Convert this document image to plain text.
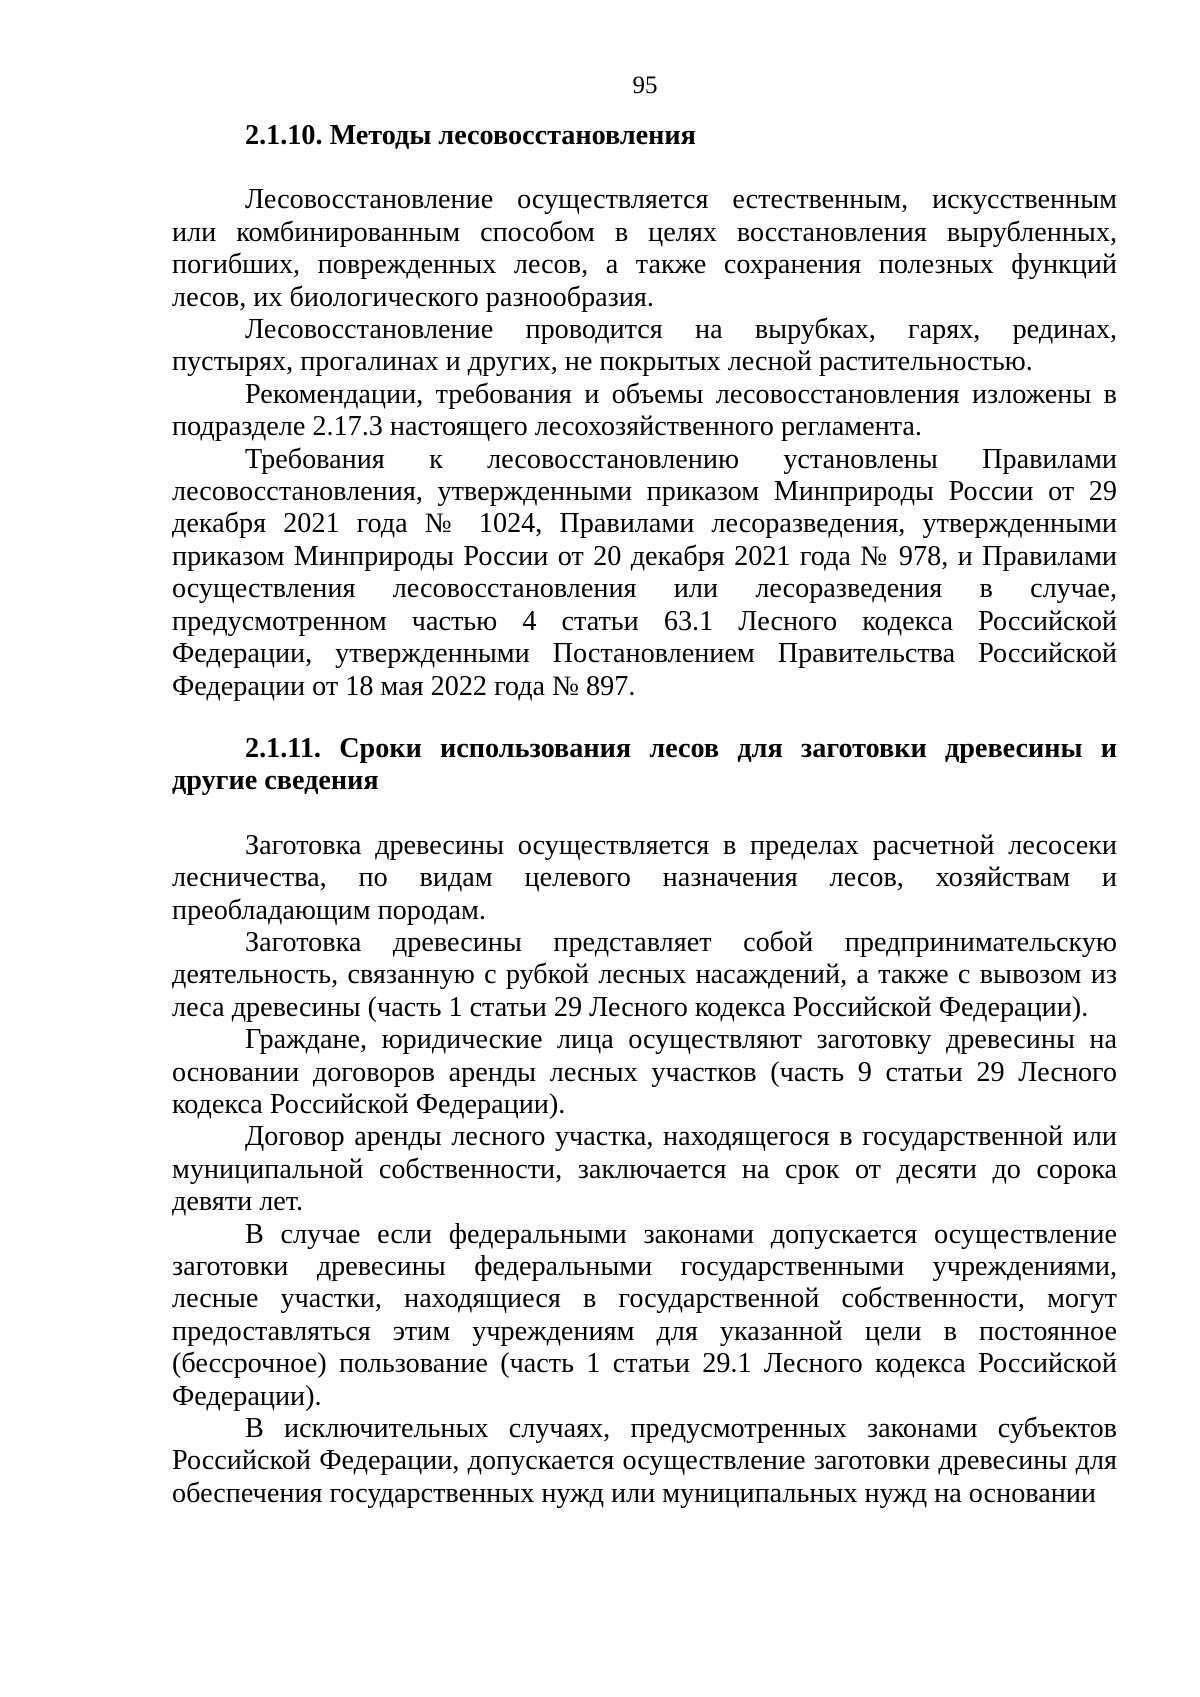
95

2.1.10. Методы лесовосстановления

Лесовосстановление осуществляется естественным, искусственным или комбинированным способом в целях восстановления вырубленных, погибших, поврежденных лесов, а также сохранения полезных функций лесов, их биологического разнообразия.

Лесовосстановление проводится на вырубках, гарях, рединах, пустырях, прогалинах и других, не покрытых лесной растительностью.

Рекомендации, требования и объемы лесовосстановления изложены в подразделе 2.17.3 настоящего лесохозяйственного регламента.

Требования к лесовосстановлению установлены Правилами лесовосстановления, утвержденными приказом Минприроды России от 29 декабря 2021 года № 1024, Правилами лесоразведения, утвержденными приказом Минприроды России от 20 декабря 2021 года № 978, и Правилами осуществления лесовосстановления или лесоразведения в случае, предусмотренном частью 4 статьи 63.1 Лесного кодекса Российской Федерации, утвержденными Постановлением Правительства Российской Федерации от 18 мая 2022 года № 897.

2.1.11. Сроки использования лесов для заготовки древесины и другие сведения

Заготовка древесины осуществляется в пределах расчетной лесосеки лесничества, по видам целевого назначения лесов, хозяйствам и преобладающим породам.

Заготовка древесины представляет собой предпринимательскую деятельность, связанную с рубкой лесных насаждений, а также с вывозом из леса древесины (часть 1 статьи 29 Лесного кодекса Российской Федерации).

Граждане, юридические лица осуществляют заготовку древесины на основании договоров аренды лесных участков (часть 9 статьи 29 Лесного кодекса Российской Федерации).

Договор аренды лесного участка, находящегося в государственной или муниципальной собственности, заключается на срок от десяти до сорока девяти лет.

В случае если федеральными законами допускается осуществление заготовки древесины федеральными государственными учреждениями, лесные участки, находящиеся в государственной собственности, могут предоставляться этим учреждениям для указанной цели в постоянное (бессрочное) пользование (часть 1 статьи 29.1 Лесного кодекса Российской Федерации).

В исключительных случаях, предусмотренных законами субъектов Российской Федерации, допускается осуществление заготовки древесины для обеспечения государственных нужд или муниципальных нужд на основании
